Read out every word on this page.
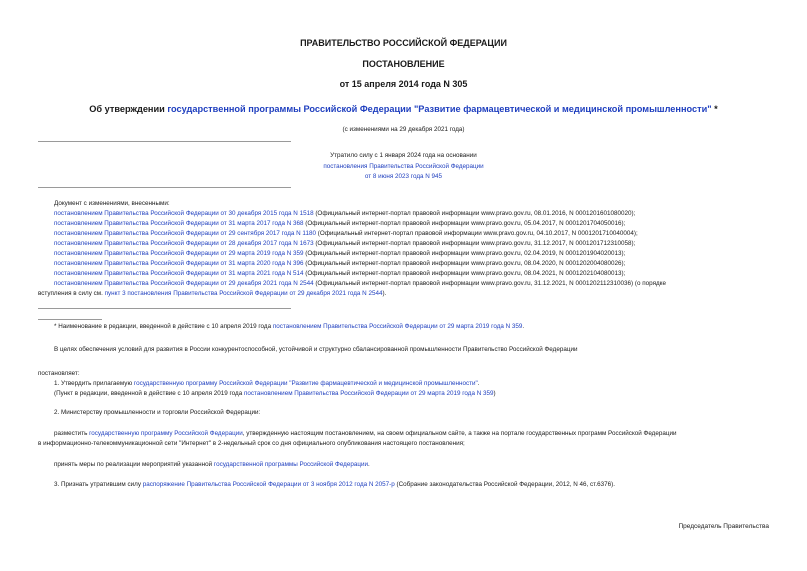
ПРАВИТЕЛЬСТВО РОССИЙСКОЙ ФЕДЕРАЦИИ
ПОСТАНОВЛЕНИЕ
от 15 апреля 2014 года N 305
Об утверждении государственной программы Российской Федерации "Развитие фармацевтической и медицинской промышленности" *
(с изменениями на 29 декабря 2021 года)
Утратило силу с 1 января 2024 года на основании
постановления Правительства Российской Федерации
от 8 июня 2023 года N 945
Документ с изменениями, внесенными:
постановлением Правительства Российской Федерации от 30 декабря 2015 года N 1518 (Официальный интернет-портал правовой информации www.pravo.gov.ru, 08.01.2016, N 0001201601080020);
постановлением Правительства Российской Федерации от 31 марта 2017 года N 368 (Официальный интернет-портал правовой информации www.pravo.gov.ru, 05.04.2017, N 0001201704050016);
постановлением Правительства Российской Федерации от 29 сентября 2017 года N 1180 (Официальный интернет-портал правовой информации www.pravo.gov.ru, 04.10.2017, N 0001201710040004);
постановлением Правительства Российской Федерации от 28 декабря 2017 года N 1673 (Официальный интернет-портал правовой информации www.pravo.gov.ru, 31.12.2017, N 0001201712310058);
постановлением Правительства Российской Федерации от 29 марта 2019 года N 359 (Официальный интернет-портал правовой информации www.pravo.gov.ru, 02.04.2019, N 0001201904020013);
постановлением Правительства Российской Федерации от 31 марта 2020 года N 396 (Официальный интернет-портал правовой информации www.pravo.gov.ru, 08.04.2020, N 0001202004080026);
постановлением Правительства Российской Федерации от 31 марта 2021 года N 514 (Официальный интернет-портал правовой информации www.pravo.gov.ru, 08.04.2021, N 0001202104080013);
постановлением Правительства Российской Федерации от 29 декабря 2021 года N 2544 (Официальный интернет-портал правовой информации www.pravo.gov.ru, 31.12.2021, N 0001202112310036) (о порядке
вступления в силу см. пункт 3 постановления Правительства Российской Федерации от 29 декабря 2021 года N 2544).
* Наименование в редакции, введенной в действие с 10 апреля 2019 года постановлением Правительства Российской Федерации от 29 марта 2019 года N 359.
В целях обеспечения условий для развития в России конкурентоспособной, устойчивой и структурно сбалансированной промышленности Правительство Российской Федерации
постановляет:
1. Утвердить прилагаемую государственную программу Российской Федерации "Развитие фармацевтической и медицинской промышленности".
(Пункт в редакции, введенной в действие с 10 апреля 2019 года постановлением Правительства Российской Федерации от 29 марта 2019 года N 359)
2. Министерству промышленности и торговли Российской Федерации:
разместить государственную программу Российской Федерации, утвержденную настоящим постановлением, на своем официальном сайте, а также на портале государственных программ Российской Федерации
в информационно-телекоммуникационной сети "Интернет" в 2-недельный срок со дня официального опубликования настоящего постановления;
принять меры по реализации мероприятий указанной государственной программы Российской Федерации.
3. Признать утратившим силу распоряжение Правительства Российской Федерации от 3 ноября 2012 года N 2057-р (Собрание законодательства Российской Федерации, 2012, N 46, ст.6376).
Председатель Правительства
